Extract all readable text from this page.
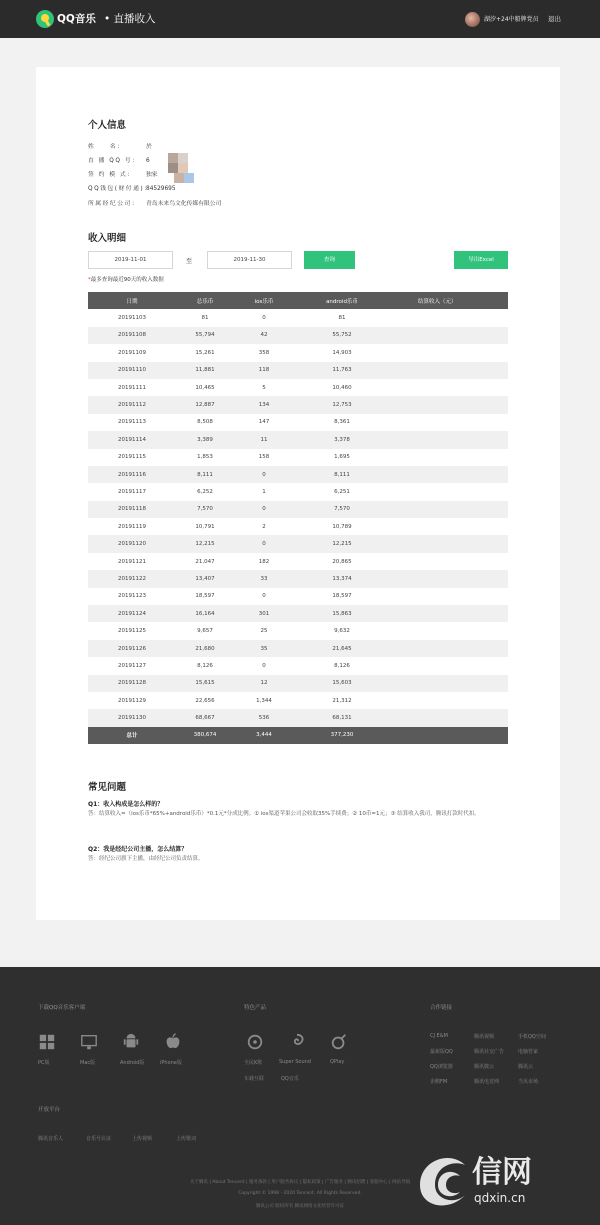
QQ音乐 • 直播收入	湖汐+24中船牌党员 退出
个人信息
姓　　名：	於
直 播 QQ 号： 6
签 约 模 式： 独家
QQ钱包(财付通)：84529695
所属经纪公司： 青岛未来鸟文化传媒有限公司
收入明细
2019-11-01	至	2019-11-30	查询	导出Excel
*最多查询最近90天的收入数据
日期	总乐币	ios乐币	android乐币	结算收入（元）
20191103	81	0	81
20191108	55,794	42	55,752
20191109	15,261	358	14,903
20191110	11,881	118	11,763
20191111	10,465	5	10,460
20191112	12,887	134	12,753
20191113	8,508	147	8,361
20191114	3,389	11	3,378
20191115	1,853	158	1,695
20191116	8,111	0	8,111
20191117	6,252	1	6,251
20191118	7,570	0	7,570
20191119	10,791	2	10,789
20191120	12,215	0	12,215
20191121	21,047	182	20,865
20191122	13,407	33	13,374
20191123	18,597	0	18,597
20191124	16,164	301	15,863
20191125	9,657	25	9,632
20191126	21,680	35	21,645
20191127	8,126	0	8,126
20191128	15,615	12	15,603
20191129	22,656	1,344	21,312
20191130	68,667	536	68,131
总计	380,674	3,444	377,230
常见问题
Q1：收入构成是怎么样的？
答：结算收入=（ios乐币*65%+android乐币）*0.1元*分成比例。① ios渠道苹果公司会收取35%手续费；② 10币=1元；③ 结算收入我司，腾讯打款时代扣。
Q2：我是经纪公司主播，怎么结算？
答：经纪公司旗下主播，由经纪公司负责结算。
下载QQ音乐客户端
PC版	Mac版	Android版	iPhone版
特色产品
全民K歌	Super Sound	QPlay
车载互联	QQ音乐
合作链接
CJ E&M	腾讯视频	手机QQ空间
最新版QQ	腾讯社交广告	电脑管家
QQ浏览器	腾讯微云	腾讯云
企鹅FM	腾讯电竞网	当贝市场
开放平台
腾讯音乐人	音乐号认证	上传视频	上传歌词
关于腾讯 | About Tencent | 服务条款 | 用户服务协议 | 隐私政策 | 广告服务 | 腾讯招聘 | 客服中心 | 网站导航
Copyright © 1998 - 2020 Tencent. All Rights Reserved.
腾讯公司 版权所有 腾讯网络文化经营许可证
信网
qdxin.cn
